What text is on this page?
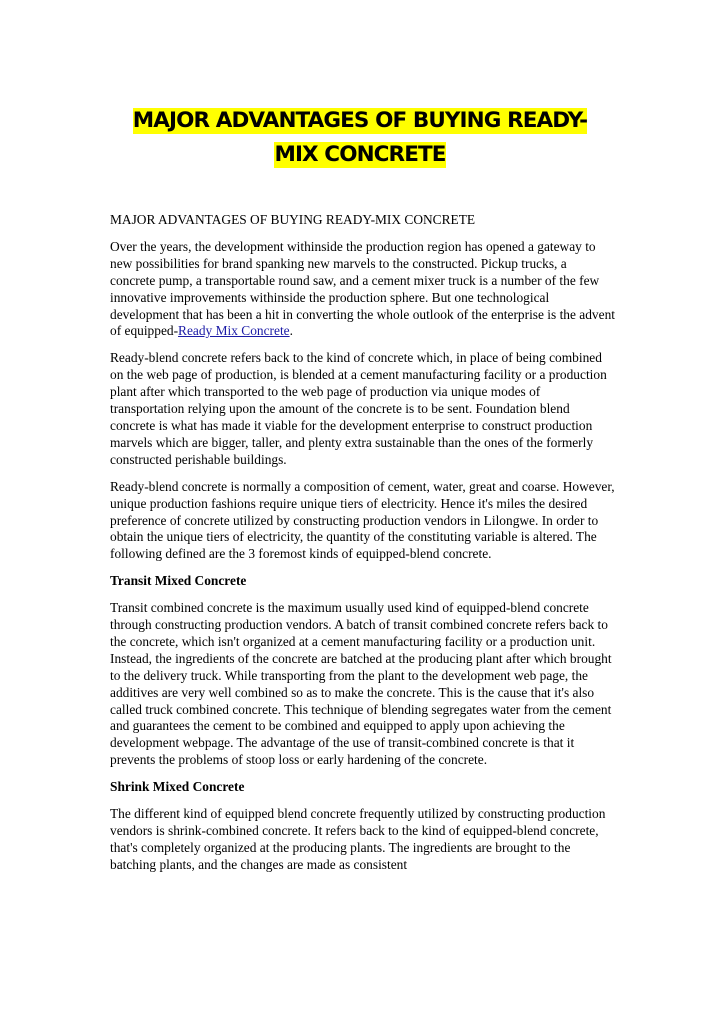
MAJOR ADVANTAGES OF BUYING READY-
MIX CONCRETE

MAJOR ADVANTAGES OF BUYING READY-MIX CONCRETE

Over the years, the development withinside the production region has opened a gateway to new possibilities for brand spanking new marvels to the constructed. Pickup trucks, a concrete pump, a transportable round saw, and a cement mixer truck is a number of the few innovative improvements withinside the production sphere. But one technological development that has been a hit in converting the whole outlook of the enterprise is the advent of equipped-Ready Mix Concrete.

Ready-blend concrete refers back to the kind of concrete which, in place of being combined on the web page of production, is blended at a cement manufacturing facility or a production plant after which transported to the web page of production via unique modes of transportation relying upon the amount of the concrete is to be sent. Foundation blend concrete is what has made it viable for the development enterprise to construct production marvels which are bigger, taller, and plenty extra sustainable than the ones of the formerly constructed perishable buildings.

Ready-blend concrete is normally a composition of cement, water, great and coarse. However, unique production fashions require unique tiers of electricity. Hence it's miles the desired preference of concrete utilized by constructing production vendors in Lilongwe. In order to obtain the unique tiers of electricity, the quantity of the constituting variable is altered. The following defined are the 3 foremost kinds of equipped-blend concrete.

Transit Mixed Concrete

Transit combined concrete is the maximum usually used kind of equipped-blend concrete through constructing production vendors. A batch of transit combined concrete refers back to the concrete, which isn't organized at a cement manufacturing facility or a production unit. Instead, the ingredients of the concrete are batched at the producing plant after which brought to the delivery truck. While transporting from the plant to the development web page, the additives are very well combined so as to make the concrete. This is the cause that it's also called truck combined concrete. This technique of blending segregates water from the cement and guarantees the cement to be combined and equipped to apply upon achieving the development webpage. The advantage of the use of transit-combined concrete is that it prevents the problems of stoop loss or early hardening of the concrete.

Shrink Mixed Concrete

The different kind of equipped blend concrete frequently utilized by constructing production vendors is shrink-combined concrete. It refers back to the kind of equipped-blend concrete, that's completely organized at the producing plants. The ingredients are brought to the batching plants, and the changes are made as consistent
